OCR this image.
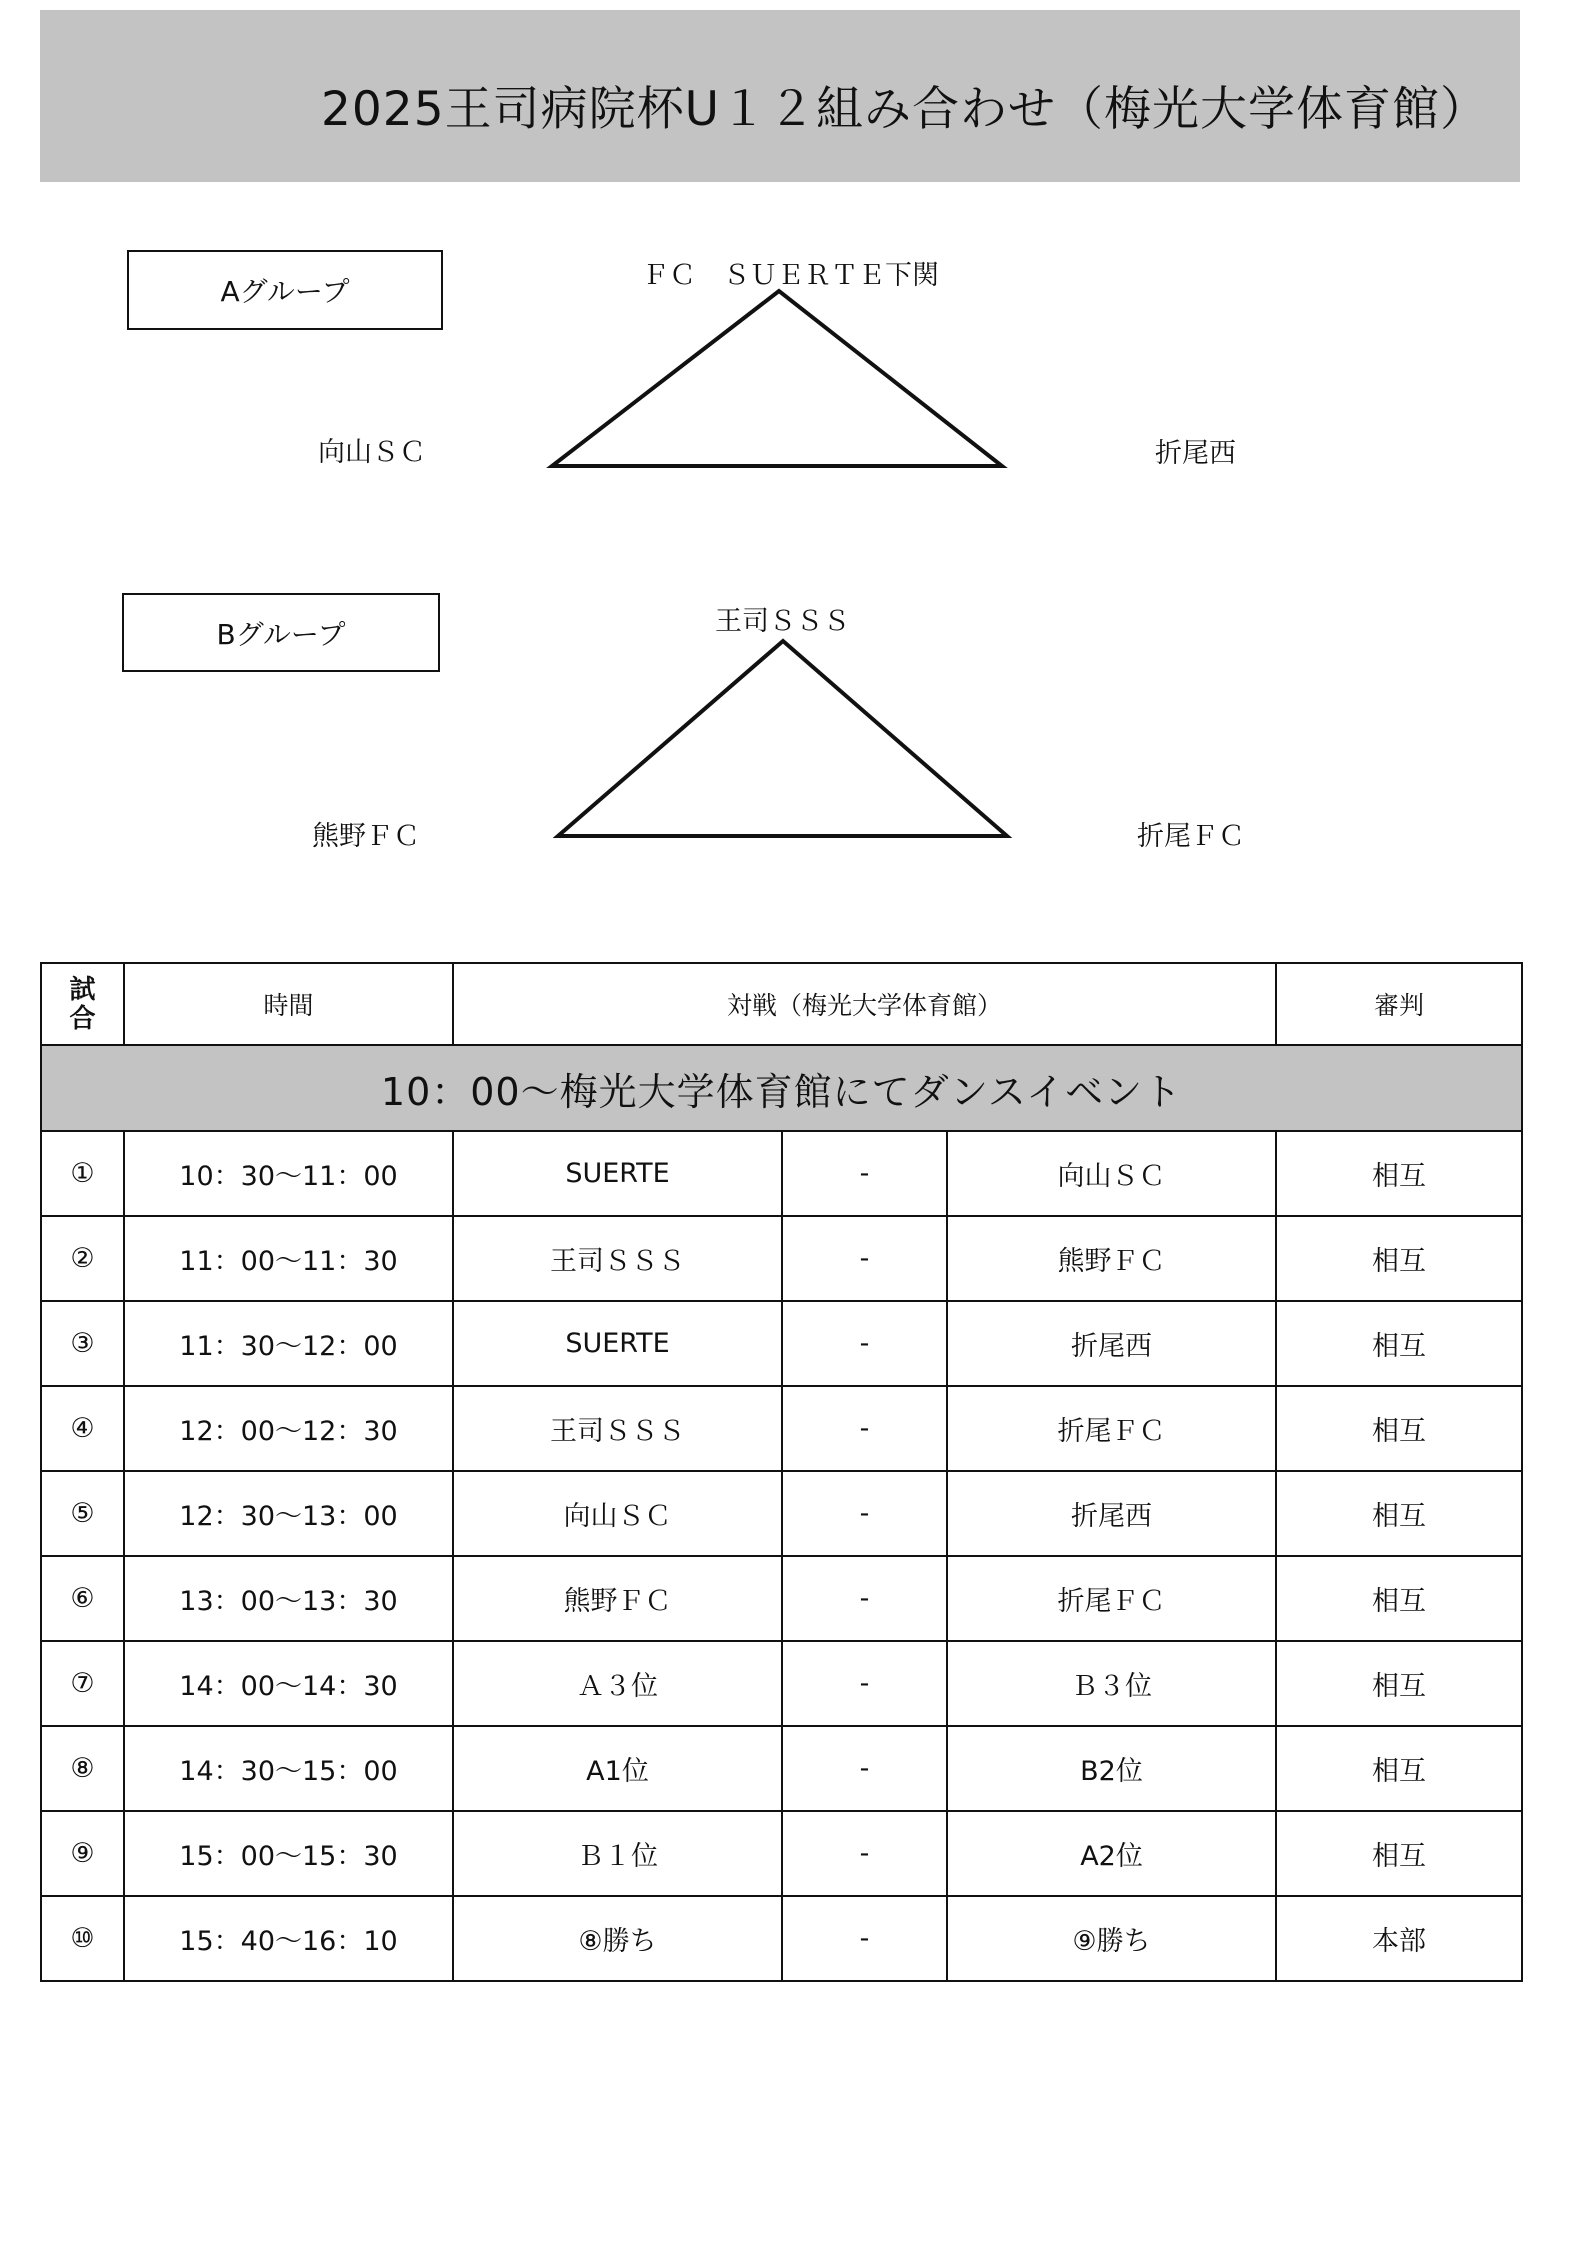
2025王司病院杯U１２組み合わせ（梅光大学体育館）
Aグループ	ＦＣ　ＳＵＥＲＴＥ下関
向山ＳＣ	折尾西
Bグループ	王司ＳＳＳ
熊野ＦＣ	折尾ＦＣ
試
合	時間	対戦（梅光大学体育館）			審判
10：00～梅光大学体育館にてダンスイベント					
①	10：30～11：00	SUERTE	-	向山ＳＣ	相互
②	11：00～11：30	王司ＳＳＳ	-	熊野ＦＣ	相互
③	11：30～12：00	SUERTE	-	折尾西	相互
④	12：00～12：30	王司ＳＳＳ	-	折尾ＦＣ	相互
⑤	12：30～13：00	向山ＳＣ	-	折尾西	相互
⑥	13：00～13：30	熊野ＦＣ	-	折尾ＦＣ	相互
⑦	14：00～14：30	Ａ３位	-	Ｂ３位	相互
⑧	14：30～15：00	A1位	-	B2位	相互
⑨	15：00～15：30	Ｂ１位	-	A2位	相互
⑩	15：40～16：10	⑧勝ち	-	⑨勝ち	本部
